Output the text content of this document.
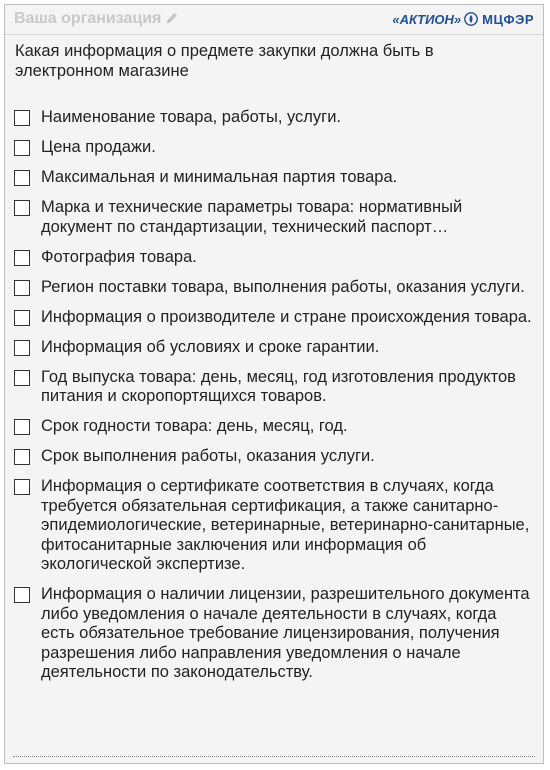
Ваша организация	«АКТИОН» МЦФЭР
Какая информация о предмете закупки должна быть в электронном магазине
Наименование товара, работы, услуги.
Цена продажи.
Максимальная и минимальная партия товара.
Марка и технические параметры товара: нормативный документ по стандартизации, технический паспорт…
Фотография товара.
Регион поставки товара, выполнения работы, оказания услуги.
Информация о производителе и стране происхождения товара.
Информация об условиях и сроке гарантии.
Год выпуска товара: день, месяц, год изготовления продуктов питания и скоропортящихся товаров.
Срок годности товара: день, месяц, год.
Срок выполнения работы, оказания услуги.
Информация о сертификате соответствия в случаях, когда требуется обязательная сертификация, а также санитарно-эпидемиологические, ветеринарные, ветеринарно-санитарные, фитосанитарные заключения или информация об экологической экспертизе.
Информация о наличии лицензии, разрешительного документа либо уведомления о начале деятельности в случаях, когда есть обязательное требование лицензирования, получения разрешения либо направления уведомления о начале деятельности по законодательству.
